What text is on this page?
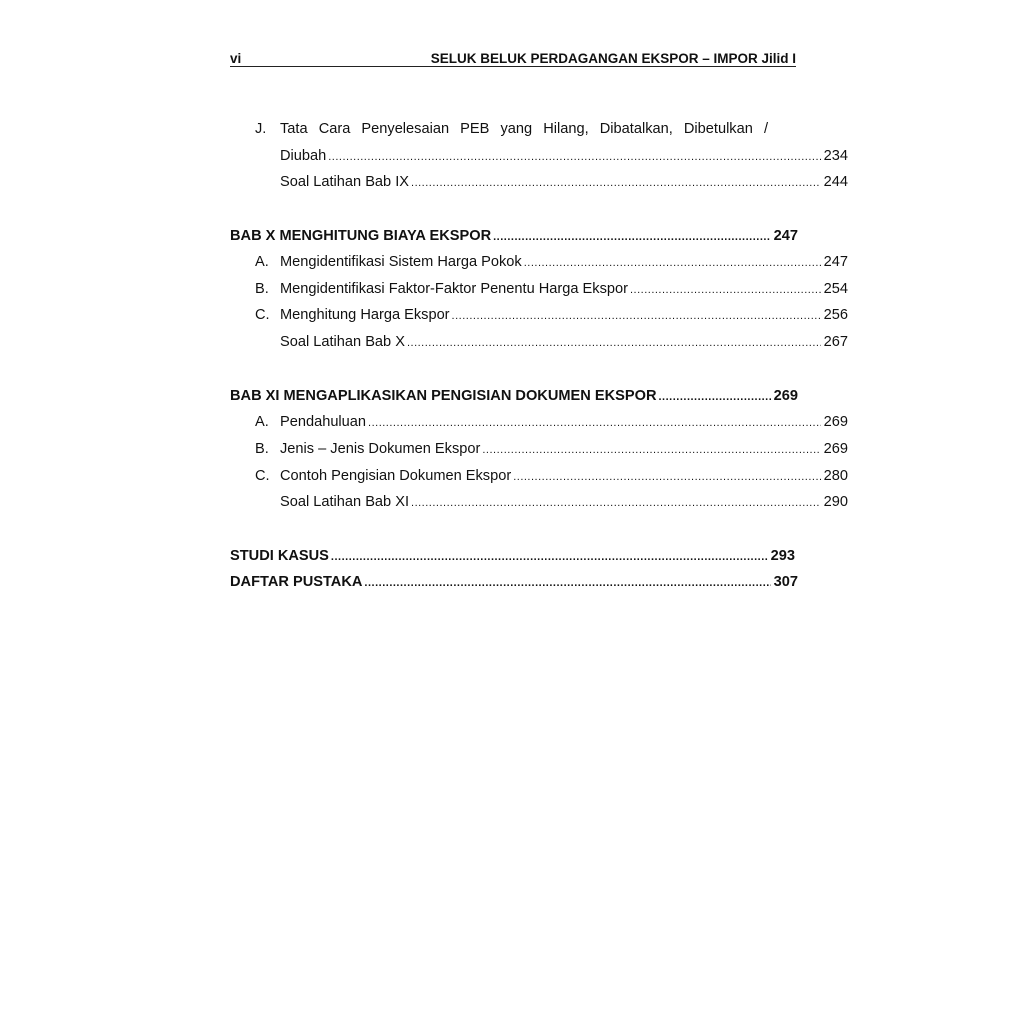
vi	SELUK BELUK PERDAGANGAN EKSPOR – IMPOR Jilid I
J. Tata Cara Penyelesaian PEB yang Hilang, Dibatalkan, Dibetulkan /
Diubah .....	234
Soal Latihan Bab IX .....	244
BAB X MENGHITUNG BIAYA EKSPOR .....	247
A. Mengidentifikasi Sistem Harga Pokok .....	247
B. Mengidentifikasi Faktor-Faktor Penentu Harga Ekspor .....	254
C. Menghitung Harga Ekspor .....	256
Soal Latihan Bab X .....	267
BAB XI MENGAPLIKASIKAN PENGISIAN DOKUMEN EKSPOR .....	269
A. Pendahuluan .....	269
B. Jenis – Jenis Dokumen Ekspor .....	269
C. Contoh Pengisian Dokumen Ekspor .....	280
Soal Latihan Bab XI .....	290
STUDI KASUS .....	293
DAFTAR PUSTAKA .....	307
